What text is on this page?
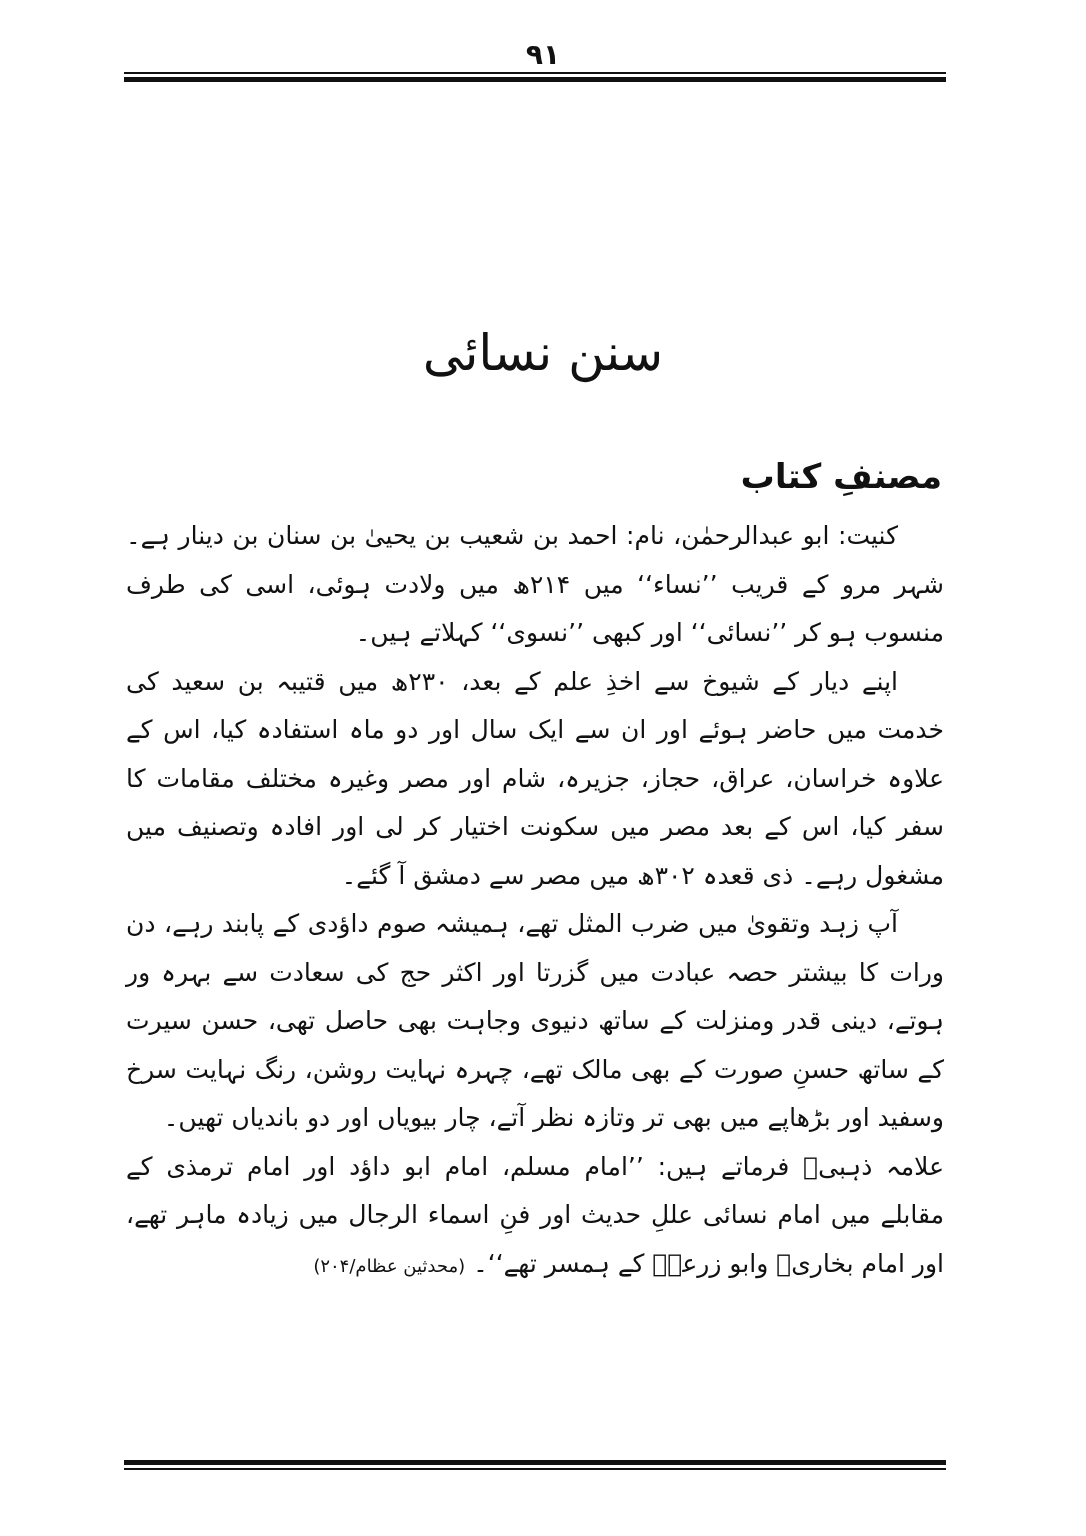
۹۱
سنن نسائی
مصنفِ کتاب

کنیت: ابو عبدالرحمٰن، نام: احمد بن شعیب بن یحییٰ بن سنان بن دینار ہے۔ شہر مرو کے قریب ’’نساء‘‘ میں ۲۱۴ھ میں ولادت ہوئی، اسی کی طرف منسوب ہو کر ’’نسائی‘‘ اور کبھی ’’نسوی‘‘ کہلاتے ہیں۔

اپنے دیار کے شیوخ سے اخذِ علم کے بعد، ۲۳۰ھ میں قتیبہ بن سعید کی خدمت میں حاضر ہوئے اور ان سے ایک سال اور دو ماہ استفادہ کیا، اس کے علاوہ خراسان، عراق، حجاز، جزیرہ، شام اور مصر وغیرہ مختلف مقامات کا سفر کیا، اس کے بعد مصر میں سکونت اختیار کر لی اور افادہ وتصنیف میں مشغول رہے۔ ذی قعدہ ۳۰۲ھ میں مصر سے دمشق آ گئے۔

آپ زہد وتقویٰ میں ضرب المثل تھے، ہمیشہ صوم داؤدی کے پابند رہے، دن ورات کا بیشتر حصہ عبادت میں گزرتا اور اکثر حج کی سعادت سے بہرہ ور ہوتے، دینی قدر ومنزلت کے ساتھ دنیوی وجاہت بھی حاصل تھی، حسن سیرت کے ساتھ حسنِ صورت کے بھی مالک تھے، چہرہ نہایت روشن، رنگ نہایت سرخ وسفید اور بڑھاپے میں بھی تر وتازہ نظر آتے، چار بیویاں اور دو باندیاں تھیں۔

علامہ ذہبیؒ فرماتے ہیں: ’’امام مسلم، امام ابو داؤد اور امام ترمذی کے مقابلے میں امام نسائی عللِ حدیث اور فنِ اسماء الرجال میں زیادہ ماہر تھے، اور امام بخاریؒ وابو زرعہؒ کے ہمسر تھے‘‘۔ (محدثین عظام/۲۰۴)
